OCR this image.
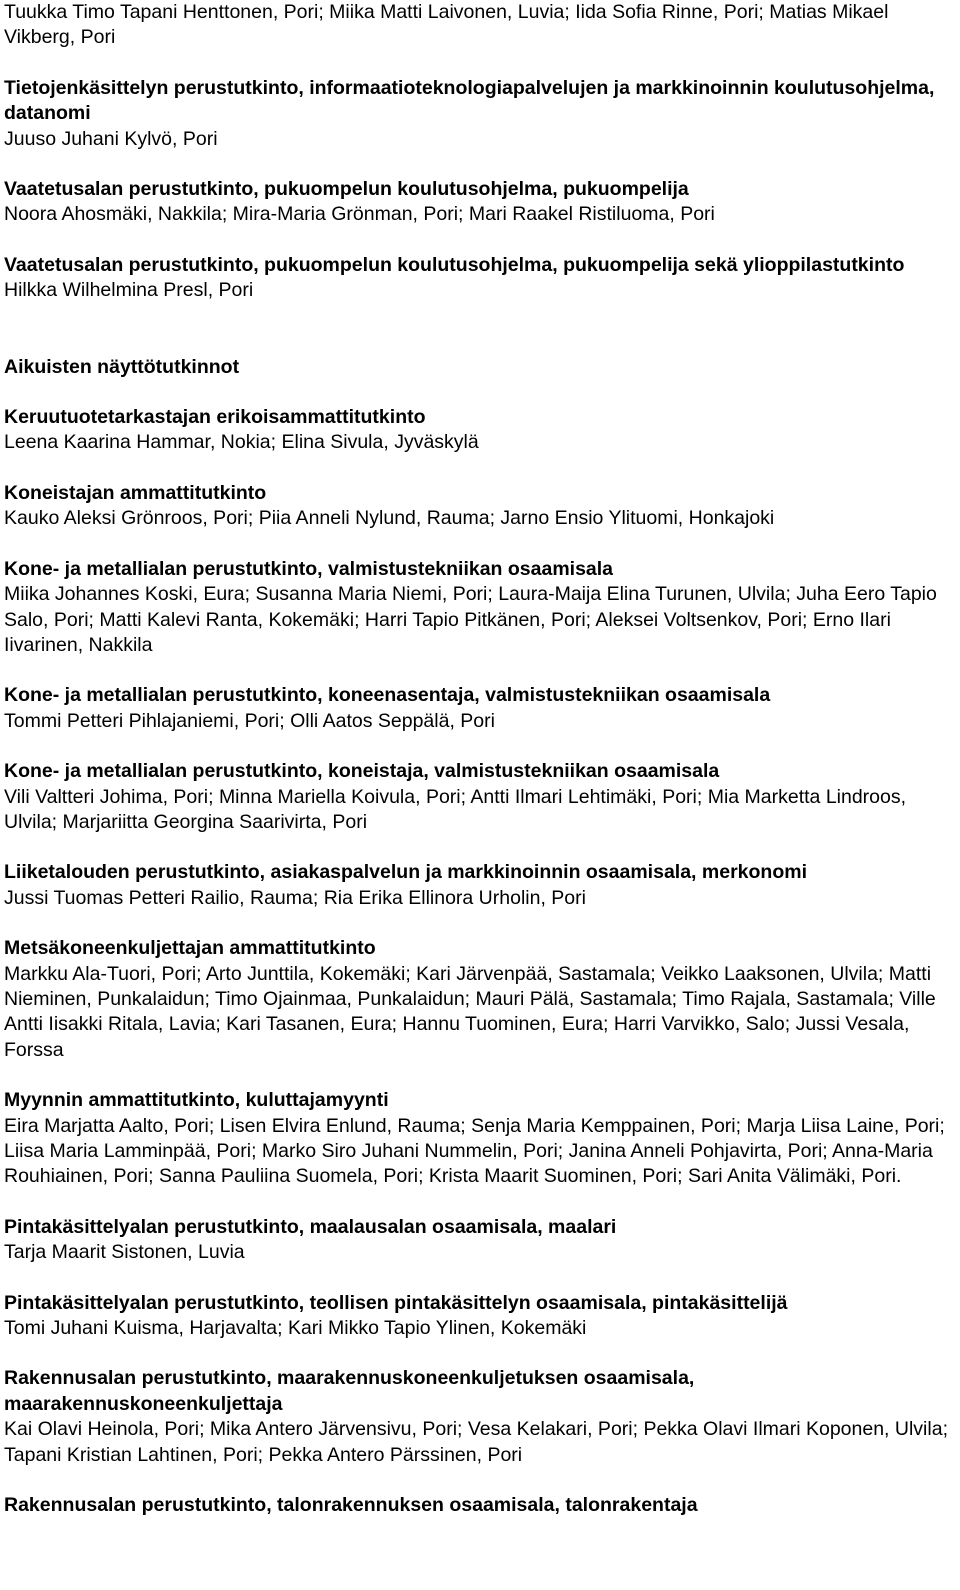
Tuukka Timo Tapani Henttonen, Pori; Miika Matti Laivonen, Luvia; Iida Sofia Rinne, Pori; Matias Mikael Vikberg, Pori

Tietojenkäsittelyn perustutkinto, informaatioteknologiapalvelujen ja markkinoinnin koulutusohjelma, datanomi

Juuso Juhani Kylvö, Pori

Vaatetusalan perustutkinto, pukuompelun koulutusohjelma, pukuompelija

Noora Ahosmäki, Nakkila; Mira-Maria Grönman, Pori; Mari Raakel Ristiluoma, Pori

Vaatetusalan perustutkinto, pukuompelun koulutusohjelma, pukuompelija sekä ylioppilastutkinto

Hilkka Wilhelmina Presl, Pori

Aikuisten näyttötutkinnot

Keruutuotetarkastajan erikoisammattitutkinto

Leena Kaarina Hammar, Nokia; Elina Sivula, Jyväskylä

Koneistajan ammattitutkinto

Kauko Aleksi Grönroos, Pori; Piia Anneli Nylund, Rauma; Jarno Ensio Ylituomi, Honkajoki

Kone- ja metallialan perustutkinto, valmistustekniikan osaamisala

Miika Johannes Koski, Eura; Susanna Maria Niemi, Pori; Laura-Maija Elina Turunen, Ulvila; Juha Eero Tapio Salo, Pori; Matti Kalevi Ranta, Kokemäki; Harri Tapio Pitkänen, Pori; Aleksei Voltsenkov, Pori; Erno Ilari Iivarinen, Nakkila

Kone- ja metallialan perustutkinto, koneenasentaja, valmistustekniikan osaamisala

Tommi Petteri Pihlajaniemi, Pori; Olli Aatos Seppälä, Pori

Kone- ja metallialan perustutkinto, koneistaja, valmistustekniikan osaamisala

Vili Valtteri Johima, Pori; Minna Mariella Koivula, Pori; Antti Ilmari Lehtimäki, Pori; Mia Marketta Lindroos, Ulvila; Marjariitta Georgina Saarivirta, Pori

Liiketalouden perustutkinto, asiakaspalvelun ja markkinoinnin osaamisala, merkonomi

Jussi Tuomas Petteri Railio, Rauma; Ria Erika Ellinora Urholin, Pori

Metsäkoneenkuljettajan ammattitutkinto

Markku Ala-Tuori, Pori; Arto Junttila, Kokemäki; Kari Järvenpää, Sastamala; Veikko Laaksonen, Ulvila; Matti Nieminen, Punkalaidun; Timo Ojainmaa, Punkalaidun; Mauri Pälä, Sastamala; Timo Rajala, Sastamala; Ville Antti Iisakki Ritala, Lavia; Kari Tasanen, Eura; Hannu Tuominen, Eura; Harri Varvikko, Salo; Jussi Vesala, Forssa

Myynnin ammattitutkinto, kuluttajamyynti

Eira Marjatta Aalto, Pori; Lisen Elvira Enlund, Rauma; Senja Maria Kemppainen, Pori; Marja Liisa Laine, Pori; Liisa Maria Lamminpää, Pori; Marko Siro Juhani Nummelin, Pori; Janina Anneli Pohjavirta, Pori; Anna-Maria Rouhiainen, Pori; Sanna Pauliina Suomela, Pori; Krista Maarit Suominen, Pori; Sari Anita Välimäki, Pori.

Pintakäsittelyalan perustutkinto, maalausalan osaamisala, maalari

Tarja Maarit Sistonen, Luvia

Pintakäsittelyalan perustutkinto, teollisen pintakäsittelyn osaamisala, pintakäsittelijä

Tomi Juhani Kuisma, Harjavalta; Kari Mikko Tapio Ylinen, Kokemäki

Rakennusalan perustutkinto, maarakennuskoneenkuljetuksen osaamisala, maarakennuskoneenkuljettaja

Kai Olavi Heinola, Pori; Mika Antero Järvensivu, Pori; Vesa Kelakari, Pori; Pekka Olavi Ilmari Koponen, Ulvila; Tapani Kristian Lahtinen, Pori; Pekka Antero Pärssinen, Pori

Rakennusalan perustutkinto, talonrakennuksen osaamisala, talonrakentaja
